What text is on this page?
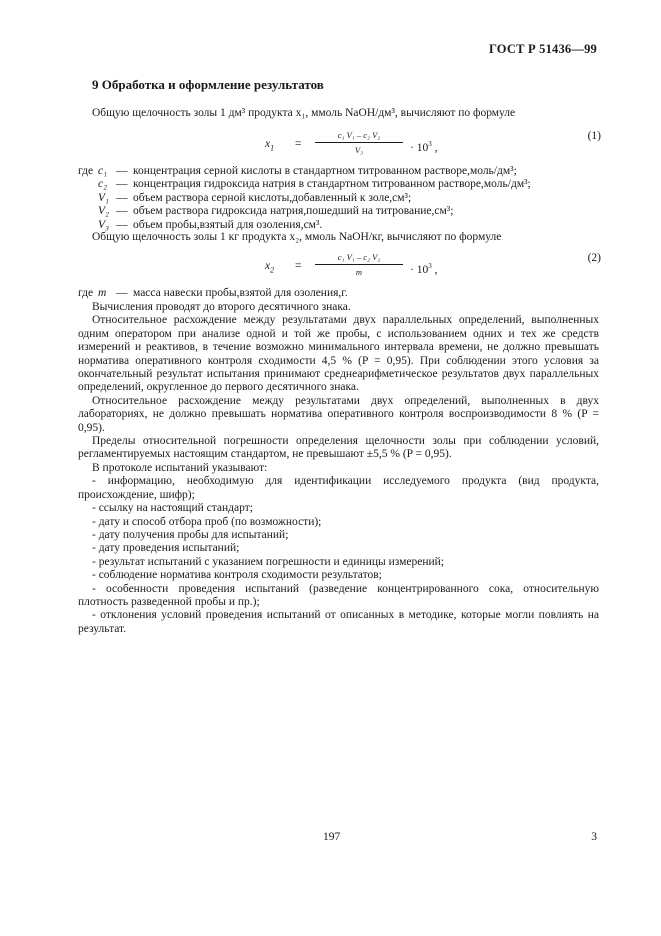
ГОСТ Р 51436—99
9 Обработка и оформление результатов
Общую щелочность золы 1 дм³ продукта x₁, ммоль NaOH/дм³, вычисляют по формуле
$x_1$ =
c₁ V₁ – c₂ V₂
V₃	· $10^3$ ,
(1)
где c₁ — концентрация серной кислоты в стандартном титрованном растворе,моль/дм³;
c₂ — концентрация гидроксида натрия в стандартном титрованном растворе,моль/дм³;
V₁ — объем раствора серной кислоты,добавленный к золе,см³;
V₂ — объем раствора гидроксида натрия,пошедший на титрование,см³;
V₃ — объем пробы,взятый для озоления,см³.
Общую щелочность золы 1 кг продукта x₂, ммоль NaOH/кг, вычисляют по формуле
$x_2$ =
c₁ V₁ – c₂ V₂
m	· $10^3$ ,
(2)
где m — масса навески пробы,взятой для озоления,г.

Вычисления проводят до второго десятичного знака.

Относительное расхождение между результатами двух параллельных определений, выполненных одним оператором при анализе одной и той же пробы, с использованием одних и тех же средств измерений и реактивов, в течение возможно минимального интервала времени, не должно превышать норматива оперативного контроля сходимости 4,5 % (P = 0,95). При соблюдении этого условия за окончательный результат испытания принимают среднеарифметическое результатов двух параллельных определений, округленное до первого десятичного знака.

Относительное расхождение между результатами двух определений, выполненных в двух лабораториях, не должно превышать норматива оперативного контроля воспроизводимости 8 % (P = 0,95).

Пределы относительной погрешности определения щелочности золы при соблюдении условий, регламентируемых настоящим стандартом, не превышают ±5,5 % (P = 0,95).

В протоколе испытаний указывают:

- информацию, необходимую для идентификации исследуемого продукта (вид продукта, происхождение, шифр);

- ссылку на настоящий стандарт;

- дату и способ отбора проб (по возможности);

- дату получения пробы для испытаний;

- дату проведения испытаний;

- результат испытаний с указанием погрешности и единицы измерений;

- соблюдение норматива контроля сходимости результатов;

- особенности проведения испытаний (разведение концентрированного сока, относительную плотность разведенной пробы и пр.);

- отклонения условий проведения испытаний от описанных в методике, которые могли повлиять на результат.

197	3
